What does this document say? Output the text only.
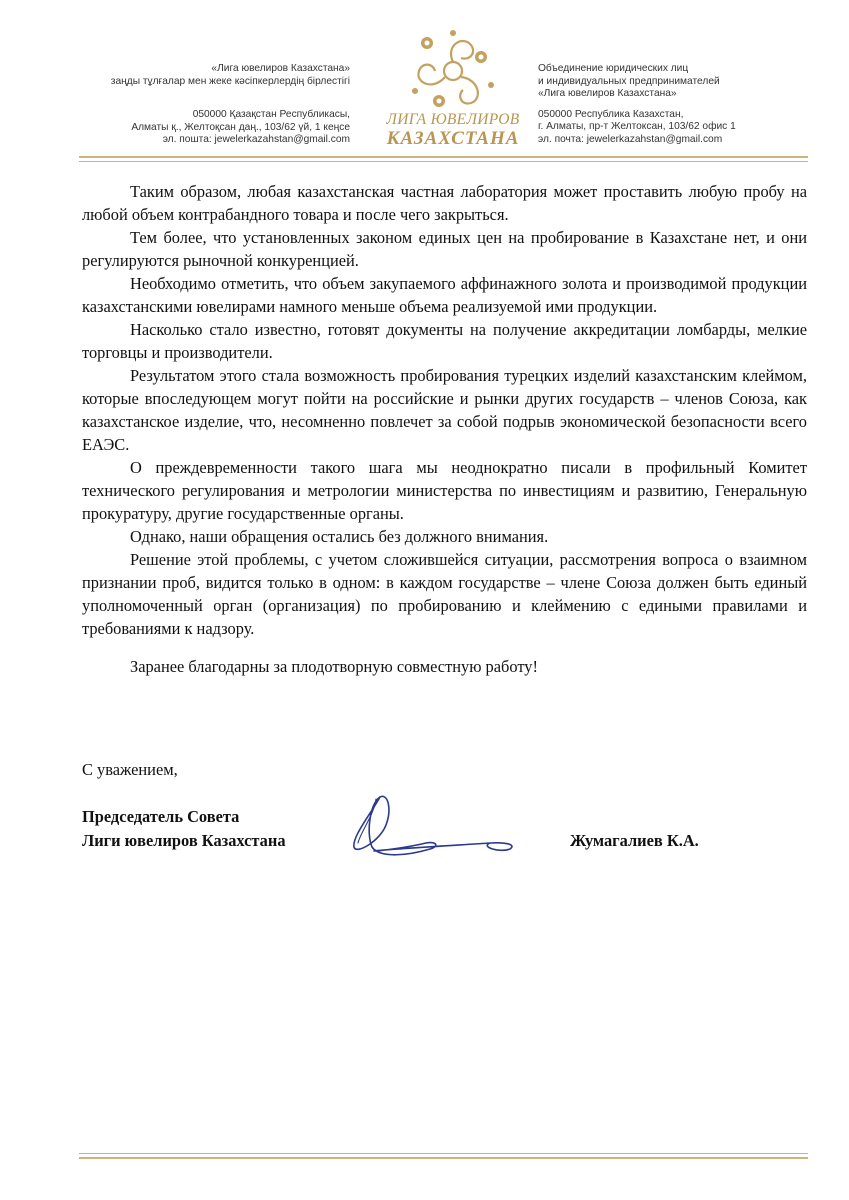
«Лига ювелиров Казахстана»
заңды тұлғалар мен жеке кәсіпкерлердің бірлестігі
050000 Қазақстан Республикасы,
Алматы қ., Желтоқсан даң., 103/62 үй, 1 кеңсе
эл. пошта: jewelerkazahstan@gmail.com
ЛИГА ЮВЕЛИРОВ
КАЗАХСТАНА
Объединение юридических лиц
и индивидуальных предпринимателей
«Лига ювелиров Казахстана»
050000 Республика Казахстан,
г. Алматы, пр-т Желтоксан, 103/62 офис 1
эл. почта: jewelerkazahstan@gmail.com

Таким образом, любая казахстанская частная лаборатория может проставить любую пробу на любой объем контрабандного товара и после чего закрыться.

Тем более, что установленных законом единых цен на пробирование в Казахстане нет, и они регулируются рыночной конкуренцией.

Необходимо отметить, что объем закупаемого аффинажного золота и производимой продукции казахстанскими ювелирами намного меньше объема реализуемой ими продукции.

Насколько стало известно, готовят документы на получение аккредитации ломбарды, мелкие торговцы и производители.

Результатом этого стала возможность пробирования турецких изделий казахстанским клеймом, которые впоследующем могут пойти на российские и рынки других государств – членов Союза, как казахстанское изделие, что, несомненно повлечет за собой подрыв экономической безопасности всего ЕАЭС.

О преждевременности такого шага мы неоднократно писали в профильный Комитет технического регулирования и метрологии министерства по инвестициям и развитию, Генеральную прокуратуру, другие государственные органы.

Однако, наши обращения остались без должного внимания.

Решение этой проблемы, с учетом сложившейся ситуации, рассмотрения вопроса о взаимном признании проб, видится только в одном: в каждом государстве – члене Союза должен быть единый уполномоченный орган (организация) по пробированию и клеймению с едиными правилами и требованиями к надзору.

Заранее благодарны за плодотворную совместную работу!

С уважением,
Председатель Совета
Лиги ювелиров Казахстана	Жумагалиев К.А.
